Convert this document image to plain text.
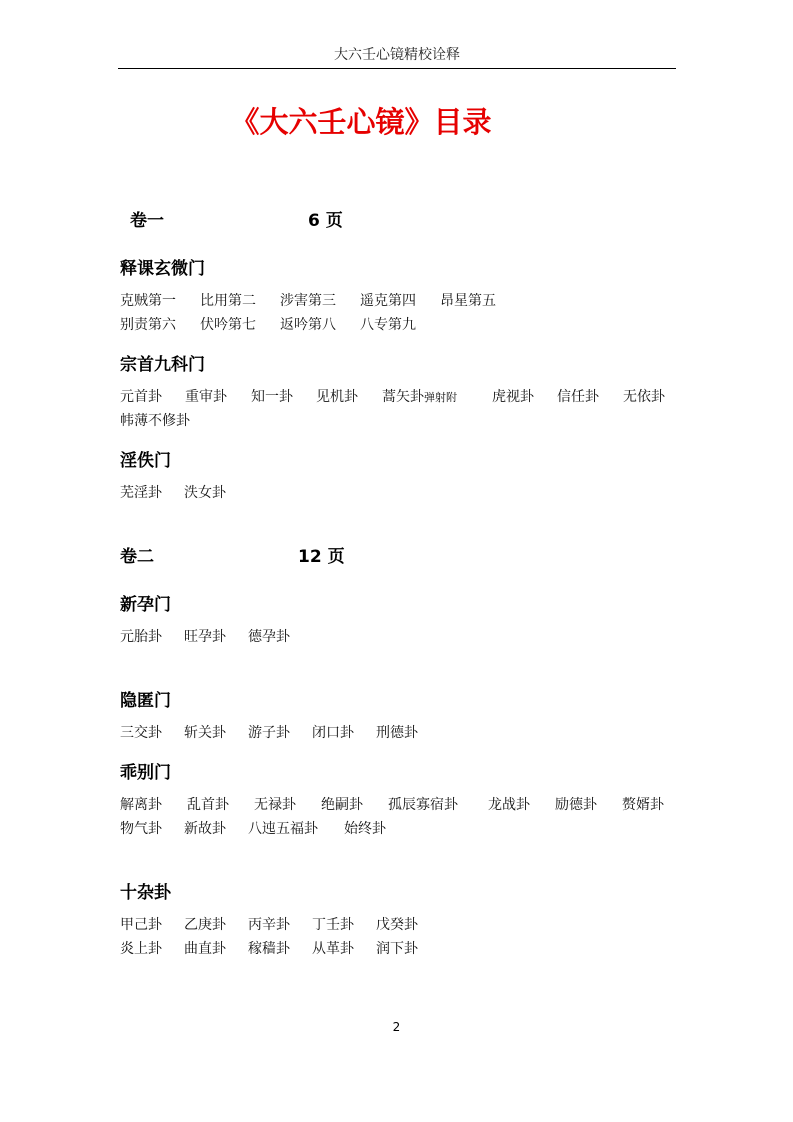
大六壬心镜精校诠释
《大六壬心镜》目录
卷一	6 页
释课玄微门
克贼第一 比用第二 涉害第三 遥克第四 昂星第五
别责第六 伏吟第七 返吟第八 八专第九
宗首九科门
元首卦 重审卦 知一卦 见机卦 蒿矢卦弹射附	虎视卦 信任卦 无依卦
帏薄不修卦
淫佚门
芜淫卦 泆女卦
卷二	12 页
新孕门
元胎卦 旺孕卦 德孕卦
隐匿门
三交卦 斩关卦 游子卦 闭口卦 刑德卦
乖别门
解离卦 乱首卦 无禄卦 绝嗣卦 孤辰寡宿卦 龙战卦 励德卦 赘婿卦
物气卦 新故卦 八迍五福卦 始终卦
十杂卦
甲己卦 乙庚卦 丙辛卦 丁壬卦 戊癸卦
炎上卦 曲直卦 稼穑卦 从革卦 润下卦
2
